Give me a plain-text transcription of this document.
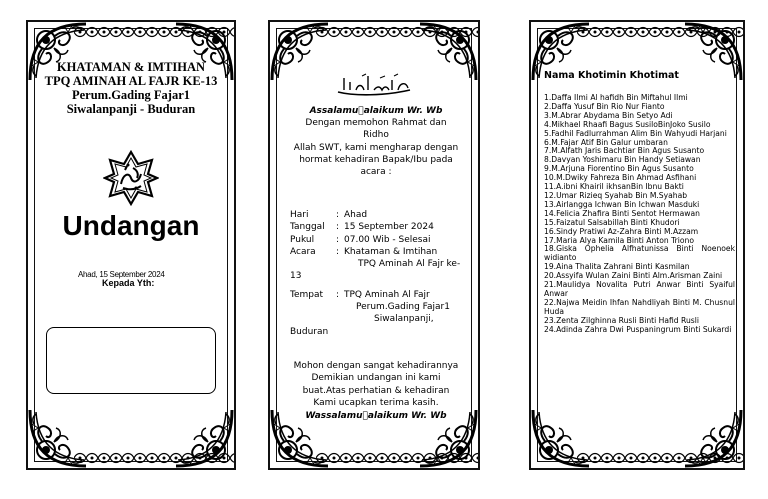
KHATAMAN & IMTIHAN
TPQ AMINAH AL FAJR KE-13
Perum.Gading Fajar1
Siwalanpanji - Buduran
Undangan
Ahad, 15 September 2024
Kepada Yth:
Assalamu alaikum Wr. Wb
Dengan memohon Rahmat dan
Ridho
Allah SWT, kami mengharap dengan
hormat kehadiran Bapak/Ibu pada
acara :
Hari	: Ahad
Tanggal	: 15 September 2024
Pukul	: 07.00 Wib - Selesai
Acara	: Khataman & Imtihan
TPQ Aminah Al Fajr ke-
13
Tempat	: TPQ Aminah Al Fajr
Perum.Gading Fajar1
Siwalanpanji,
Buduran
Mohon dengan sangat kehadirannya
Demikian undangan ini kami
buat.Atas perhatian & kehadiran
Kami ucapkan terima kasih.
Wassalamu alaikum Wr. Wb
Nama Khotimin Khotimat
1.Daffa Ilmi Al hafidh Bin Miftahul Ilmi
2.Daffa Yusuf Bin Rio Nur Fianto
3.M.Abrar Abydama Bin Setyo Adi
4.Mikhael Rhaafi Bagus SusiloBinJoko Susilo
5.Fadhil Fadlurrahman Alim Bin Wahyudi Harjani
6.M.Fajar Atif Bin Galur umbaran
7.M.Alfath Jaris Bachtiar Bin Agus Susanto
8.Davyan Yoshimaru Bin Handy Setiawan
9.M.Arjuna Fiorentino Bin Agus Susanto
10.M.Dwiky Fahreza Bin Ahmad Asfihani
11.A.ibni Khairil ikhsanBin Ibnu Bakti
12.Umar Rizieq Syahab Bin M.Syahab
13.Airlangga Ichwan Bin Ichwan Masduki
14.Felicia Zhafira Binti Sentot Hermawan
15.Faizatul Salsabillah Binti Khudori
16.Sindy Pratiwi Az-Zahra Binti M.Azzam
17.Maria Alya Kamila Binti Anton Triono
18.Giska Ophelia Alfhatunissa Binti Noenoek widianto
19.Aina Thalita Zahrani Binti Kasmilan
20.Assyifa Wulan Zaini Binti Alm.Arisman Zaini
21.Maulidya Novalita Putri Anwar Binti Syaiful Anwar
22.Najwa Meidin Ihfan Nahdliyah Binti M. Chusnul Huda
23.Zenta Zilghinna Rusli Binti Hafid Rusli
24.Adinda Zahra Dwi Puspaningrum Binti Sukardi
